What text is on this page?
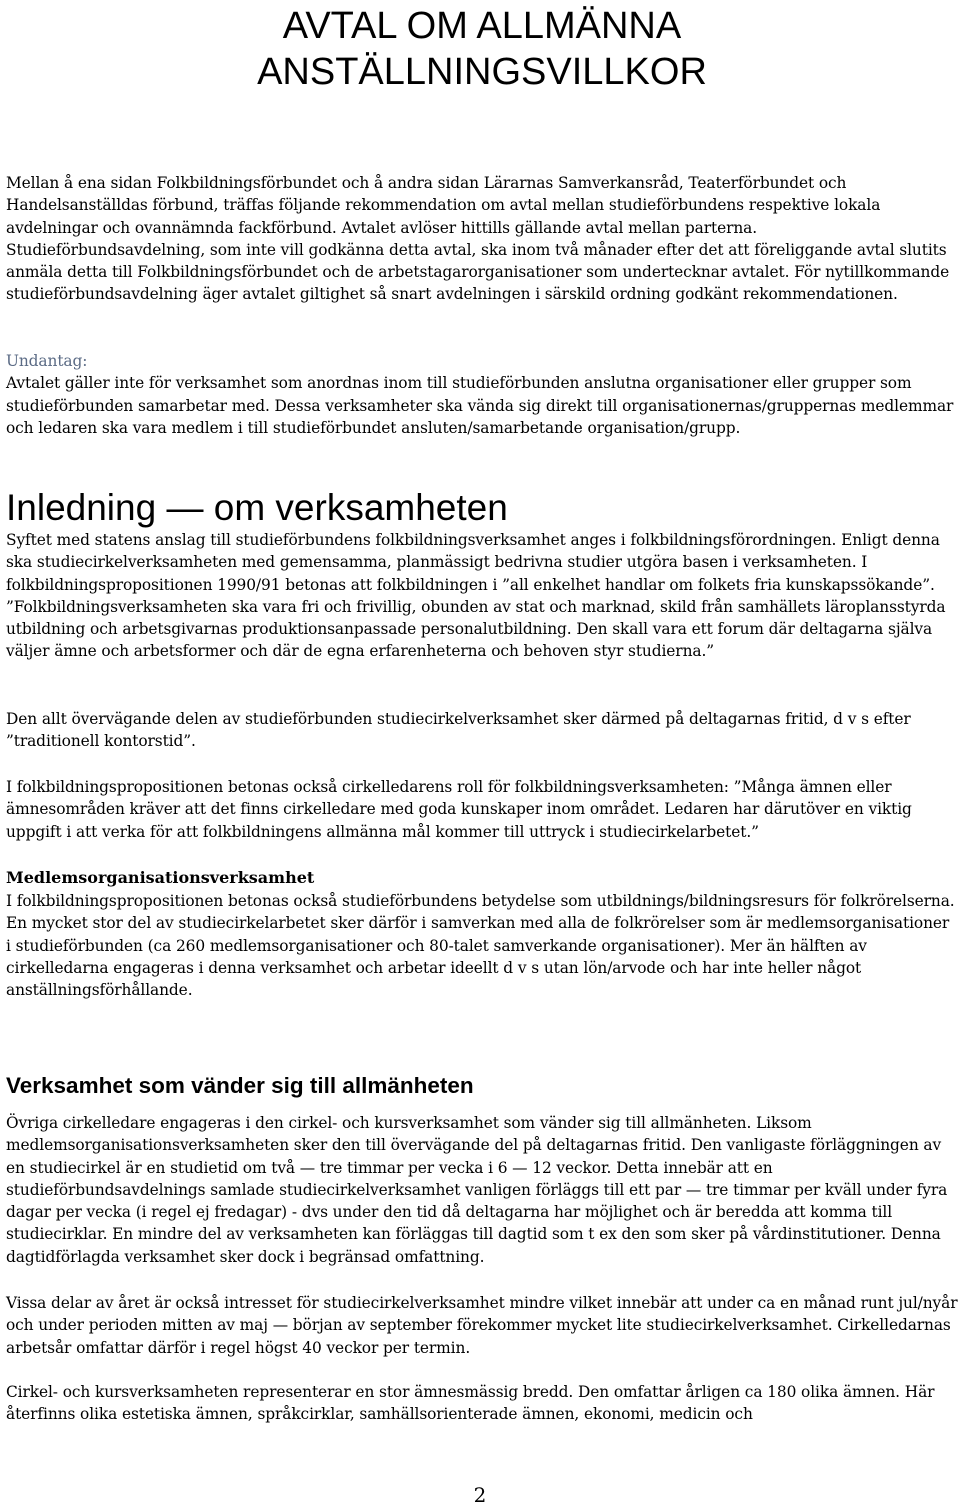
AVTAL OM ALLMÄNNA
ANSTÄLLNINGSVILLKOR

Mellan å ena sidan Folkbildningsförbundet och å andra sidan Lärarnas Samverkansråd, Teaterförbundet och Handelsanställdas förbund, träffas följande rekommendation om avtal mellan studieförbundens respektive lokala avdelningar och ovannämnda fackförbund. Avtalet avlöser hittills gällande avtal mellan parterna. Studieförbundsavdelning, som inte vill godkänna detta avtal, ska inom två månader efter det att föreliggande avtal slutits anmäla detta till Folkbildningsförbundet och de arbetstagarorganisationer som undertecknar avtalet. För nytillkommande studieförbundsavdelning äger avtalet giltighet så snart avdelningen i särskild ordning godkänt rekommendationen.

Undantag:

Avtalet gäller inte för verksamhet som anordnas inom till studieförbunden anslutna organisationer eller grupper som studieförbunden samarbetar med. Dessa verksamheter ska vända sig direkt till organisationernas/gruppernas medlemmar och ledaren ska vara medlem i till studieförbundet ansluten/samarbetande organisation/grupp.

Inledning — om verksamheten

Syftet med statens anslag till studieförbundens folkbildningsverksamhet anges i folkbildningsförordningen. Enligt denna ska studiecirkelverksamheten med gemensamma, planmässigt bedrivna studier utgöra basen i verksamheten. I folkbildningspropositionen 1990/91 betonas att folkbildningen i ”all enkelhet handlar om folkets fria kunskapssökande”. ”Folkbildningsverksamheten ska vara fri och frivillig, obunden av stat och marknad, skild från samhällets läroplansstyrda utbildning och arbetsgivarnas produktionsanpassade personalutbildning. Den skall vara ett forum där deltagarna själva väljer ämne och arbetsformer och där de egna erfarenheterna och behoven styr studierna.”

Den allt övervägande delen av studieförbunden studiecirkelverksamhet sker därmed på deltagarnas fritid, d v s efter ”traditionell kontorstid”.

I folkbildningspropositionen betonas också cirkelledarens roll för folkbildningsverksamheten: ”Många ämnen eller ämnesområden kräver att det finns cirkelledare med goda kunskaper inom området. Ledaren har därutöver en viktig uppgift i att verka för att folkbildningens allmänna mål kommer till uttryck i studiecirkelarbetet.”

Medlemsorganisationsverksamhet

I folkbildningspropositionen betonas också studieförbundens betydelse som utbildnings/bildningsresurs för folkrörelserna. En mycket stor del av studiecirkelarbetet sker därför i samverkan med alla de folkrörelser som är medlemsorganisationer i studieförbunden (ca 260 medlemsorganisationer och 80-talet samverkande organisationer). Mer än hälften av cirkelledarna engageras i denna verksamhet och arbetar ideellt d v s utan lön/arvode och har inte heller något anställningsförhållande.

Verksamhet som vänder sig till allmänheten

Övriga cirkelledare engageras i den cirkel- och kursverksamhet som vänder sig till allmänheten. Liksom medlemsorganisationsverksamheten sker den till övervägande del på deltagarnas fritid. Den vanligaste förläggningen av en studiecirkel är en studietid om två — tre timmar per vecka i 6 — 12 veckor. Detta innebär att en studieförbundsavdelnings samlade studiecirkelverksamhet vanligen förläggs till ett par — tre timmar per kväll under fyra dagar per vecka (i regel ej fredagar) - dvs under den tid då deltagarna har möjlighet och är beredda att komma till studiecirklar. En mindre del av verksamheten kan förläggas till dagtid som t ex den som sker på vårdinstitutioner. Denna dagtidförlagda verksamhet sker dock i begränsad omfattning.

Vissa delar av året är också intresset för studiecirkelverksamhet mindre vilket innebär att under ca en månad runt jul/nyår och under perioden mitten av maj — början av september förekommer mycket lite studiecirkelverksamhet. Cirkelledarnas arbetsår omfattar därför i regel högst 40 veckor per termin.

Cirkel- och kursverksamheten representerar en stor ämnesmässig bredd. Den omfattar årligen ca 180 olika ämnen. Här återfinns olika estetiska ämnen, språkcirklar, samhällsorienterade ämnen, ekonomi, medicin och

2
